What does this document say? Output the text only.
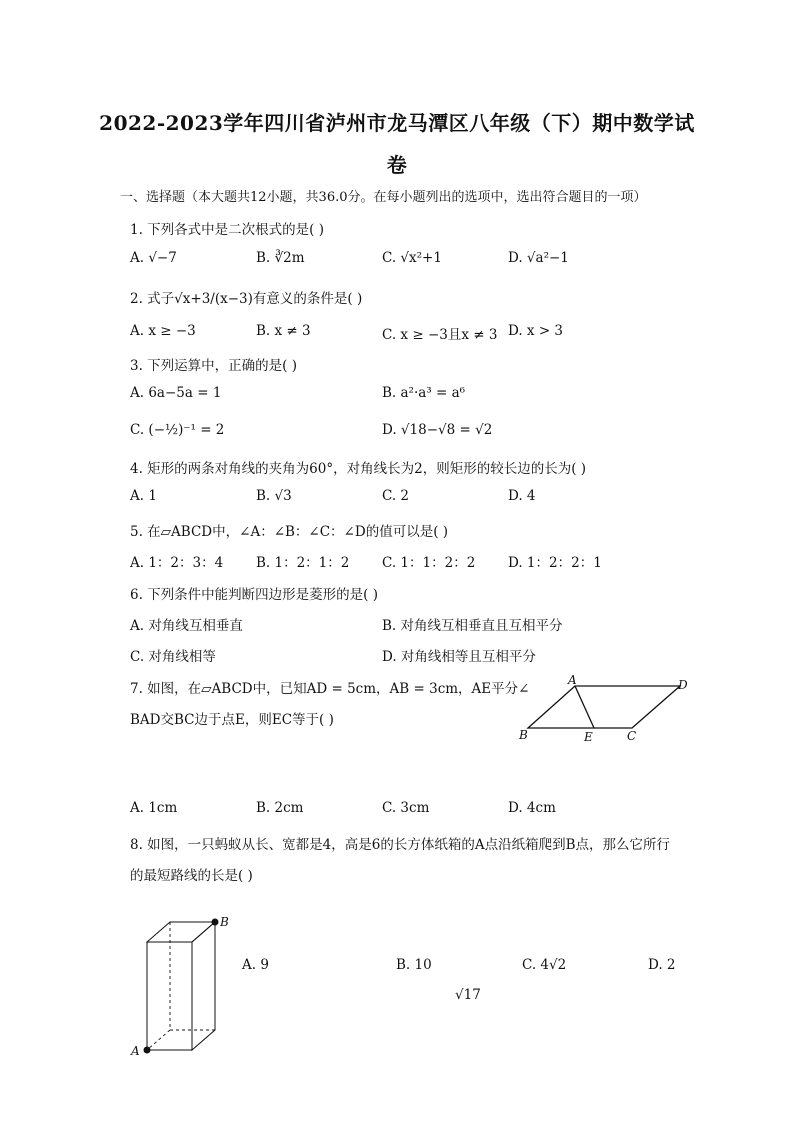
2022-2023学年四川省泸州市龙马潭区八年级（下）期中数学试
卷
一、选择题（本大题共12小题，共36.0分。在每小题列出的选项中，选出符合题目的一项）
1. 下列各式中是二次根式的是( )
A. √−7	B. ∛2m	C. √x²+1	D. √a²−1
2. 式子√x+3/(x−3)有意义的条件是( )
A. x ≥ −3	B. x ≠ 3	C. x ≥ −3且x ≠ 3 D. x > 3
3. 下列运算中，正确的是( )
A. 6a−5a = 1	B. a²·a³ = a⁶
C. (−½)⁻¹ = 2	D. √18−√8 = √2
4. 矩形的两条对角线的夹角为60°，对角线长为2，则矩形的较长边的长为( )
A. 1	B. √3	C. 2	D. 4
5. 在▱ABCD中，∠A：∠B：∠C：∠D的值可以是( )
A. 1：2：3：4 B. 1：2：1：2 C. 1：1：2：2 D. 1：2：2：1
6. 下列条件中能判断四边形是菱形的是( )
A. 对角线互相垂直	B. 对角线互相垂直且互相平分
C. 对角线相等	D. 对角线相等且互相平分
7. 如图，在▱ABCD中，已知AD = 5cm，AB = 3cm，AE平分∠
BAD交BC边于点E，则EC等于( )
A	D
B	E	C
A. 1cm	B. 2cm	C. 3cm	D. 4cm
8. 如图，一只蚂蚁从长、宽都是4，高是6的长方体纸箱的A点沿纸箱爬到B点，那么它所行
的最短路线的长是( )
B
A
A. 9	B. 10	C. 4√2	D. 2
√17
